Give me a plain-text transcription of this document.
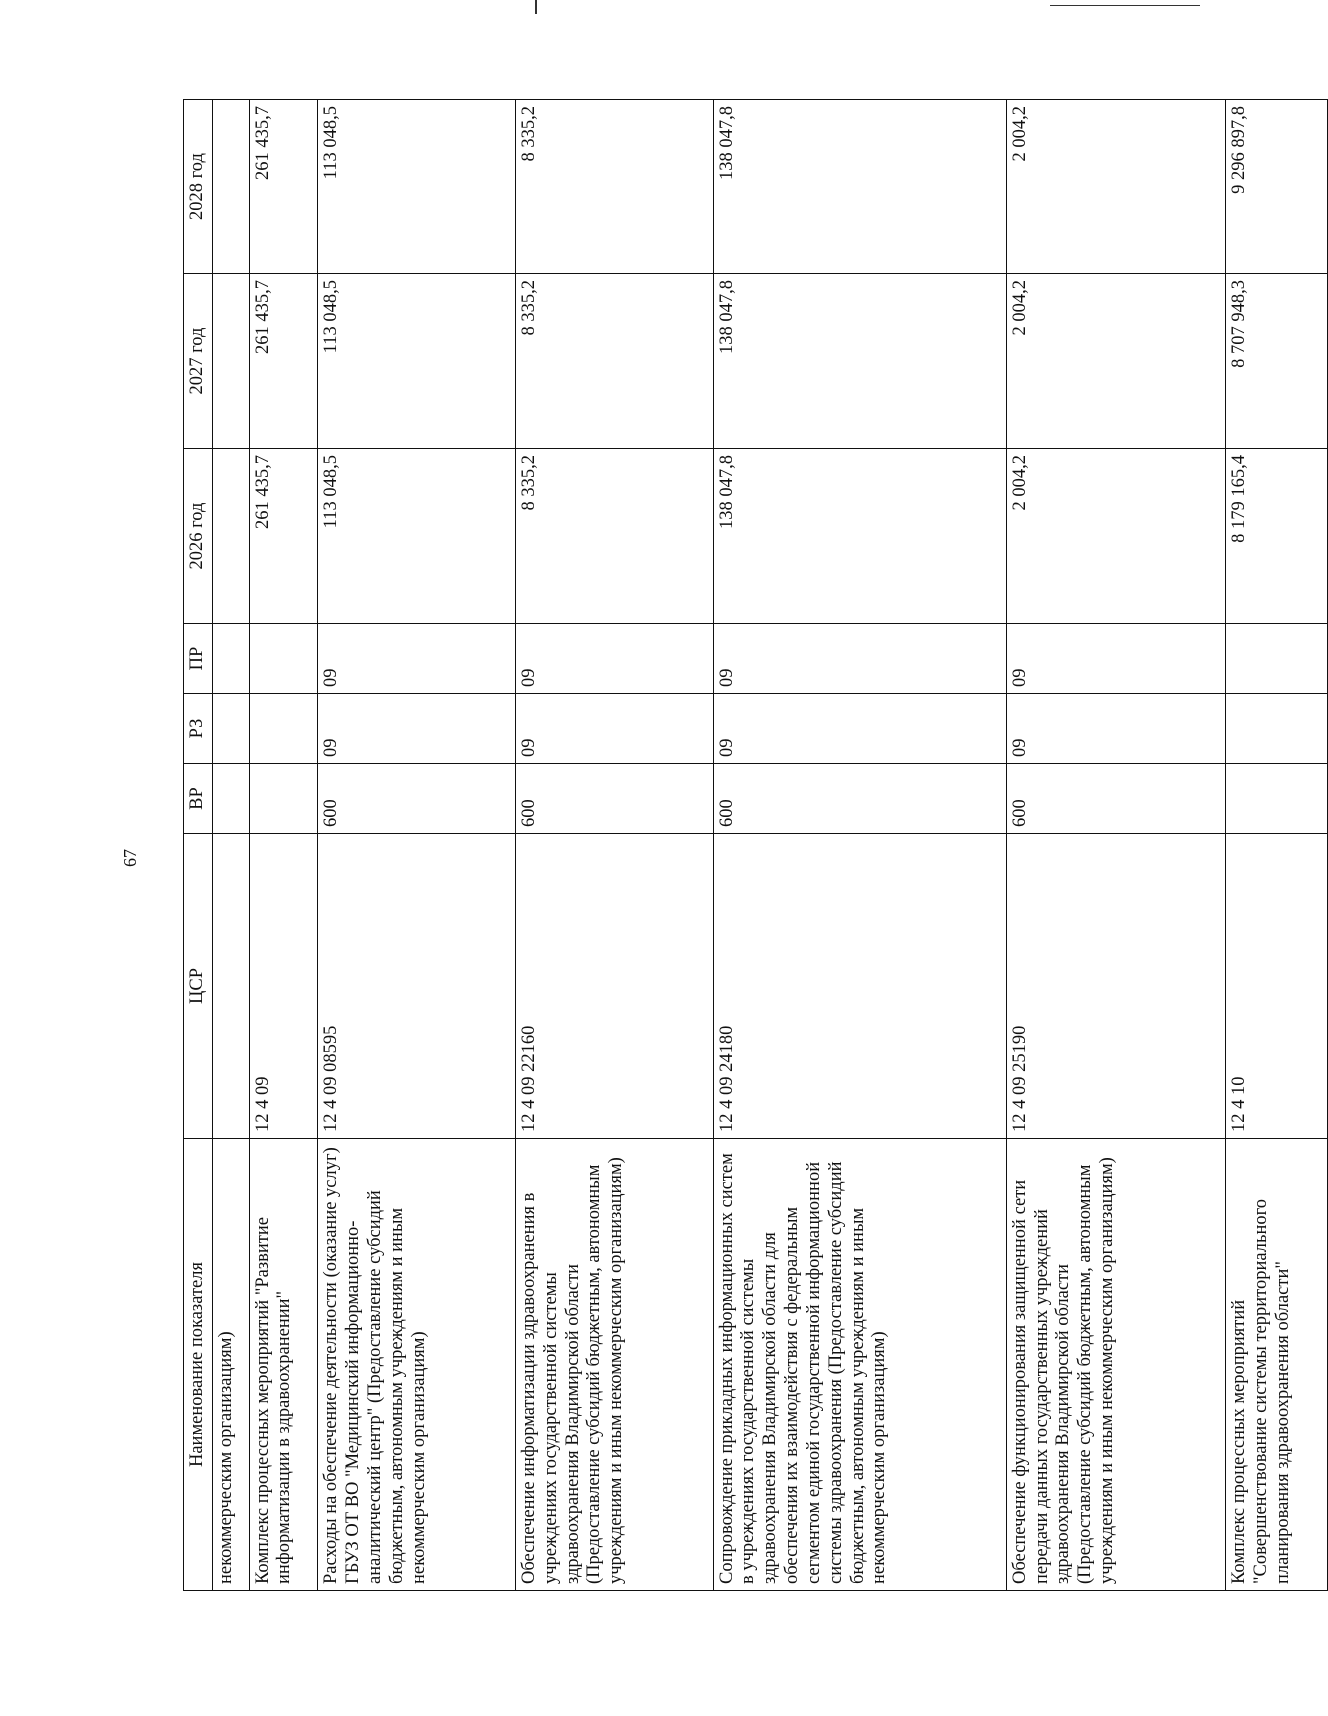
67
Наименование показателя	ЦСР	ВР	РЗ	ПР	2026 год	2027 год	2028 год
некоммерческим организациям)							
Комплекс процессных мероприятий "Развитие информатизации в здравоохранении"	12 4 09				261 435,7	261 435,7	261 435,7
Расходы на обеспечение деятельности (оказание услуг) ГБУЗ ОТ ВО "Медицинский информационно-аналитический центр" (Предоставление субсидий бюджетным, автономным учреждениям и иным некоммерческим организациям)	12 4 09 08595	600	09	09	113 048,5	113 048,5	113 048,5
Обеспечение информатизации здравоохранения в учреждениях государственной системы здравоохранения Владимирской области (Предоставление субсидий бюджетным, автономным учреждениям и иным некоммерческим организациям)	12 4 09 22160	600	09	09	8 335,2	8 335,2	8 335,2
Сопровождение прикладных информационных систем в учреждениях государственной системы здравоохранения Владимирской области для обеспечения их взаимодействия с федеральным сегментом единой государственной информационной системы здравоохранения (Предоставление субсидий бюджетным, автономным учреждениям и иным некоммерческим организациям)	12 4 09 24180	600	09	09	138 047,8	138 047,8	138 047,8
Обеспечение функционирования защищенной сети передачи данных государственных учреждений здравоохранения Владимирской области (Предоставление субсидий бюджетным, автономным учреждениям и иным некоммерческим организациям)	12 4 09 25190	600	09	09	2 004,2	2 004,2	2 004,2
Комплекс процессных мероприятий "Совершенствование системы территориального планирования здравоохранения области"	12 4 10				8 179 165,4	8 707 948,3	9 296 897,8
